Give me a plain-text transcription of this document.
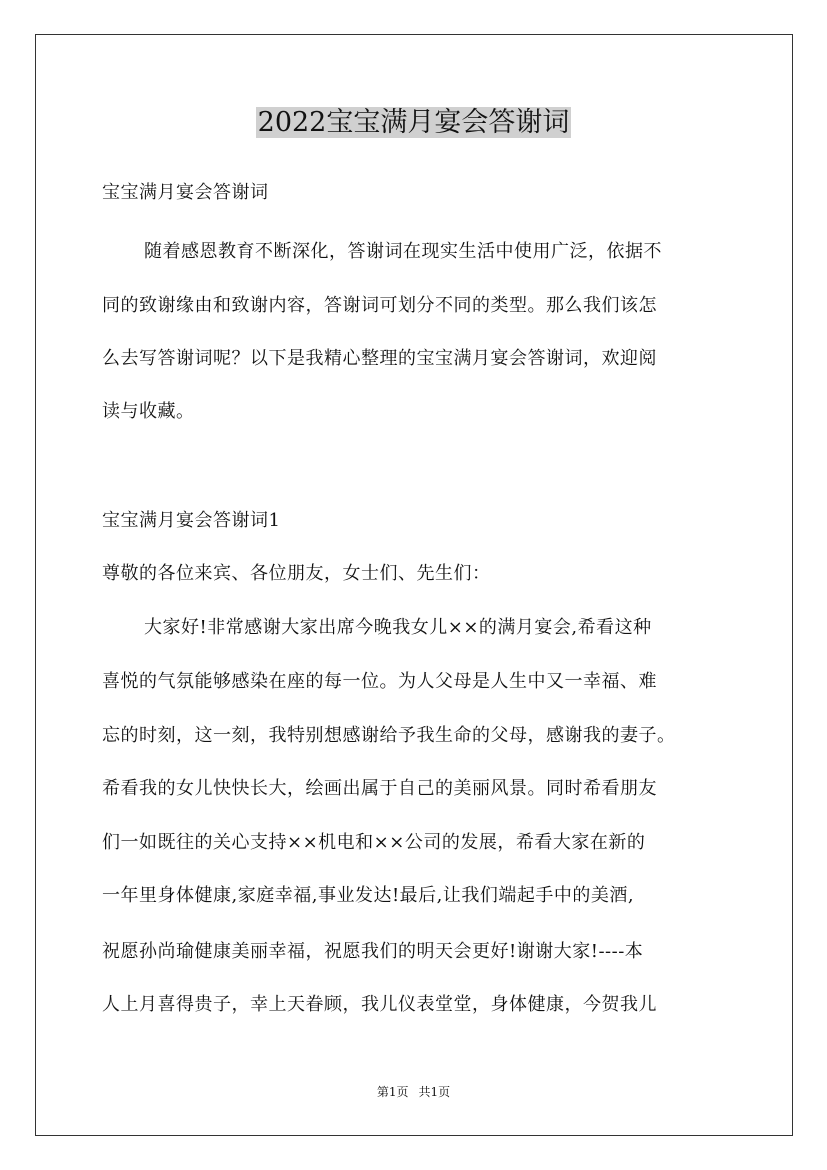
2022宝宝满月宴会答谢词
宝宝满月宴会答谢词
随着感恩教育不断深化，答谢词在现实生活中使用广泛，依据不
同的致谢缘由和致谢内容，答谢词可划分不同的类型。那么我们该怎
么去写答谢词呢？以下是我精心整理的宝宝满月宴会答谢词，欢迎阅
读与收藏。
宝宝满月宴会答谢词1
尊敬的各位来宾、各位朋友，女士们、先生们：
大家好!非常感谢大家出席今晚我女儿××的满月宴会,希看这种
喜悦的气氛能够感染在座的每一位。为人父母是人生中又一幸福、难
忘的时刻，这一刻，我特别想感谢给予我生命的父母，感谢我的妻子。
希看我的女儿快快长大，绘画出属于自己的美丽风景。同时希看朋友
们一如既往的关心支持××机电和××公司的发展，希看大家在新的
一年里身体健康,家庭幸福,事业发达!最后,让我们端起手中的美酒,
祝愿孙尚瑜健康美丽幸福，祝愿我们的明天会更好!谢谢大家!----本
人上月喜得贵子，幸上天眷顾，我儿仪表堂堂，身体健康，今贺我儿
第1页 共1页
